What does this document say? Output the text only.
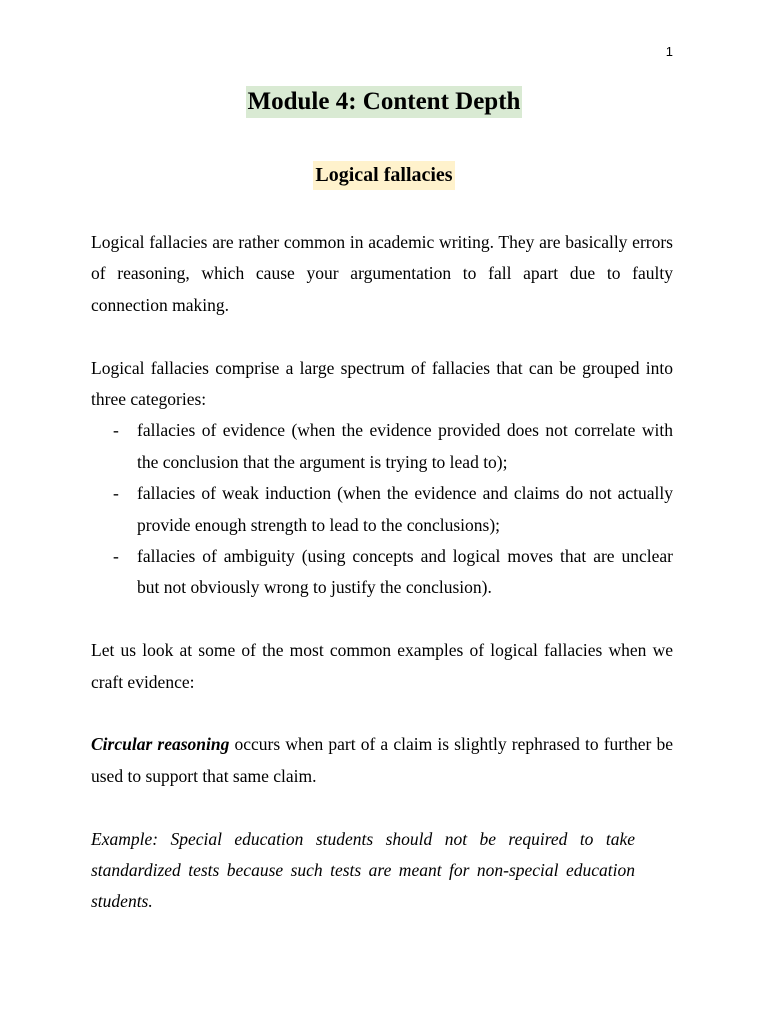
1
Module 4: Content Depth
Logical fallacies

Logical fallacies are rather common in academic writing. They are basically errors of reasoning, which cause your argumentation to fall apart due to faulty connection making.

Logical fallacies comprise a large spectrum of fallacies that can be grouped into three categories:

- fallacies of evidence (when the evidence provided does not correlate with the conclusion that the argument is trying to lead to);
- fallacies of weak induction (when the evidence and claims do not actually provide enough strength to lead to the conclusions);
- fallacies of ambiguity (using concepts and logical moves that are unclear but not obviously wrong to justify the conclusion).

Let us look at some of the most common examples of logical fallacies when we craft evidence:

Circular reasoning occurs when part of a claim is slightly rephrased to further be used to support that same claim.

Example: Special education students should not be required to take standardized tests because such tests are meant for non-special education students.
